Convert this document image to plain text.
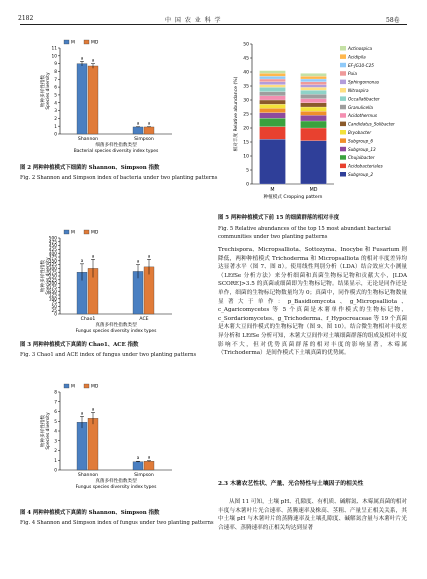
2182	中 国 农 业 科 学	58卷
0
1
2
3
4
5
6
7
8
9
10
11
a a
Shannon
a a
Simpson
M	MD
物种多样性指数 Species diversity
细菌多样性指数类型
Bacterial species diversity index types
图 2 两种种植模式下细菌的 Shannon、Simpson 指数
Fig. 2 Shannon and Simpson index of bacteria under two planting patterns
0
25
50
75
100
125
150
175
200
225
250
275
300
325
350
375
400
425
450
475
500
a
a
Chao1
a
a
ACE
M	MD
物种多样性指数 Species diversity
真菌多样性指数类型
Fungus species diversity index types
图 3 两种种植模式下真菌的 Chao1、ACE 指数
Fig. 3 Chao1 and ACE index of fungus under two planting patterns
0
1
2
3
4
5
6
7
8
a
a
Shannon
a a
Simpson
M	MD
物种多样性指数 Species diversity
真菌多样性指数类型
Fungus species diversity index types
图 4 两种种植模式下真菌的 Shannon、Simpson 指数
Fig. 4 Shannon and Simpson index of fungus under two planting patterns
0
5
10
15
20
25
30
35
40
45
50
M	MD
Actinospica
Acidipila
EF-JG10-C25
Puia
Sphingomonas
Nitrospira
Occallatibacter
Granulicella
Acidothermus
Candidatus_Solibacter
Bryobacter
Subgroup_6
Subgroup_13
Chujaibacter
Acidobacteriales
Subgroup_2
相对丰度 Relative abundance (%)
种植模式 Cropping pattern
图 5 两种种植模式下前 15 的细菌群落的相对丰度
Fig. 5 Relative abundances of the top 15 most abundant bacterial communities under two planting patterns

Trechispora、Micropsalliota、Sottozyma、Inocybe 和 Fusarium 则降低，两种种植模式 Trichoderma 和 Micropsalliota 的相对丰度差异均达显著水平（图 7、图 8）。使用线性判别分析（LDA）结合效应大小测量（LEfSe 分析方法）来分析细菌和真菌生物标记物和贡献大小，[LDA SCORE]>3.5 的真菌或细菌即为生物标记物。结果显示，无论是同作还是单作，细菌的生物标记物数量均为 0；真菌中，同作模式的生物标记物数量显著大于单作：p_Basidiomycota、g_Micropsalliota、c_Agaricomycetes 等 5 个真菌是木薯单作模式的生物标记物，c_Sordariomycetes、g_Trichoderma、f_Hypocreaceae 等 19 个真菌是木薯大豆间作模式的生物标记物（图 9、图 10）。结合微生物相对丰度差异分析和 LEfSe 分析可知，木薯大豆间作对土壤细菌群落的组成及相对丰度影响不大，但对优势真菌群落的相对丰度的影响显著，木霉属（Trichoderma）是间作模式下土壤真菌的优势属。

2.3 木薯农艺性状、产量、光合特性与土壤因子的相关性

从图 11 可知，土壤 pH、孔隙度、有机质、碱解氮、木霉属真菌的相对丰度与木薯叶片光合速率、蒸腾速率及株高、茎粗、产量呈正相关关系，其中土壤 pH 与木薯叶片的蒸腾速率及土壤孔隙度、碱解氮含量与木薯叶片光合速率、蒸腾速率的正相关均达到显著
